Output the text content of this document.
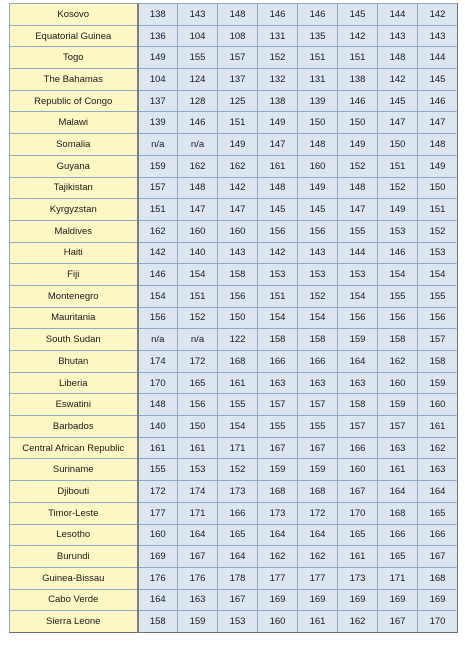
Kosovo	138	143	148	146	146	145	144	142
Equatorial Guinea	136	104	108	131	135	142	143	143
Togo	149	155	157	152	151	151	148	144
The Bahamas	104	124	137	132	131	138	142	145
Republic of Congo	137	128	125	138	139	146	145	146
Malawi	139	146	151	149	150	150	147	147
Somalia	n/a	n/a	149	147	148	149	150	148
Guyana	159	162	162	161	160	152	151	149
Tajikistan	157	148	142	148	149	148	152	150
Kyrgyzstan	151	147	147	145	145	147	149	151
Maldives	162	160	160	156	156	155	153	152
Haiti	142	140	143	142	143	144	146	153
Fiji	146	154	158	153	153	153	154	154
Montenegro	154	151	156	151	152	154	155	155
Mauritania	156	152	150	154	154	156	156	156
South Sudan	n/a	n/a	122	158	158	159	158	157
Bhutan	174	172	168	166	166	164	162	158
Liberia	170	165	161	163	163	163	160	159
Eswatini	148	156	155	157	157	158	159	160
Barbados	140	150	154	155	155	157	157	161
Central African Republic	161	161	171	167	167	166	163	162
Suriname	155	153	152	159	159	160	161	163
Djibouti	172	174	173	168	168	167	164	164
Timor-Leste	177	171	166	173	172	170	168	165
Lesotho	160	164	165	164	164	165	166	166
Burundi	169	167	164	162	162	161	165	167
Guinea-Bissau	176	176	178	177	177	173	171	168
Cabo Verde	164	163	167	169	169	169	169	169
Sierra Leone	158	159	153	160	161	162	167	170
